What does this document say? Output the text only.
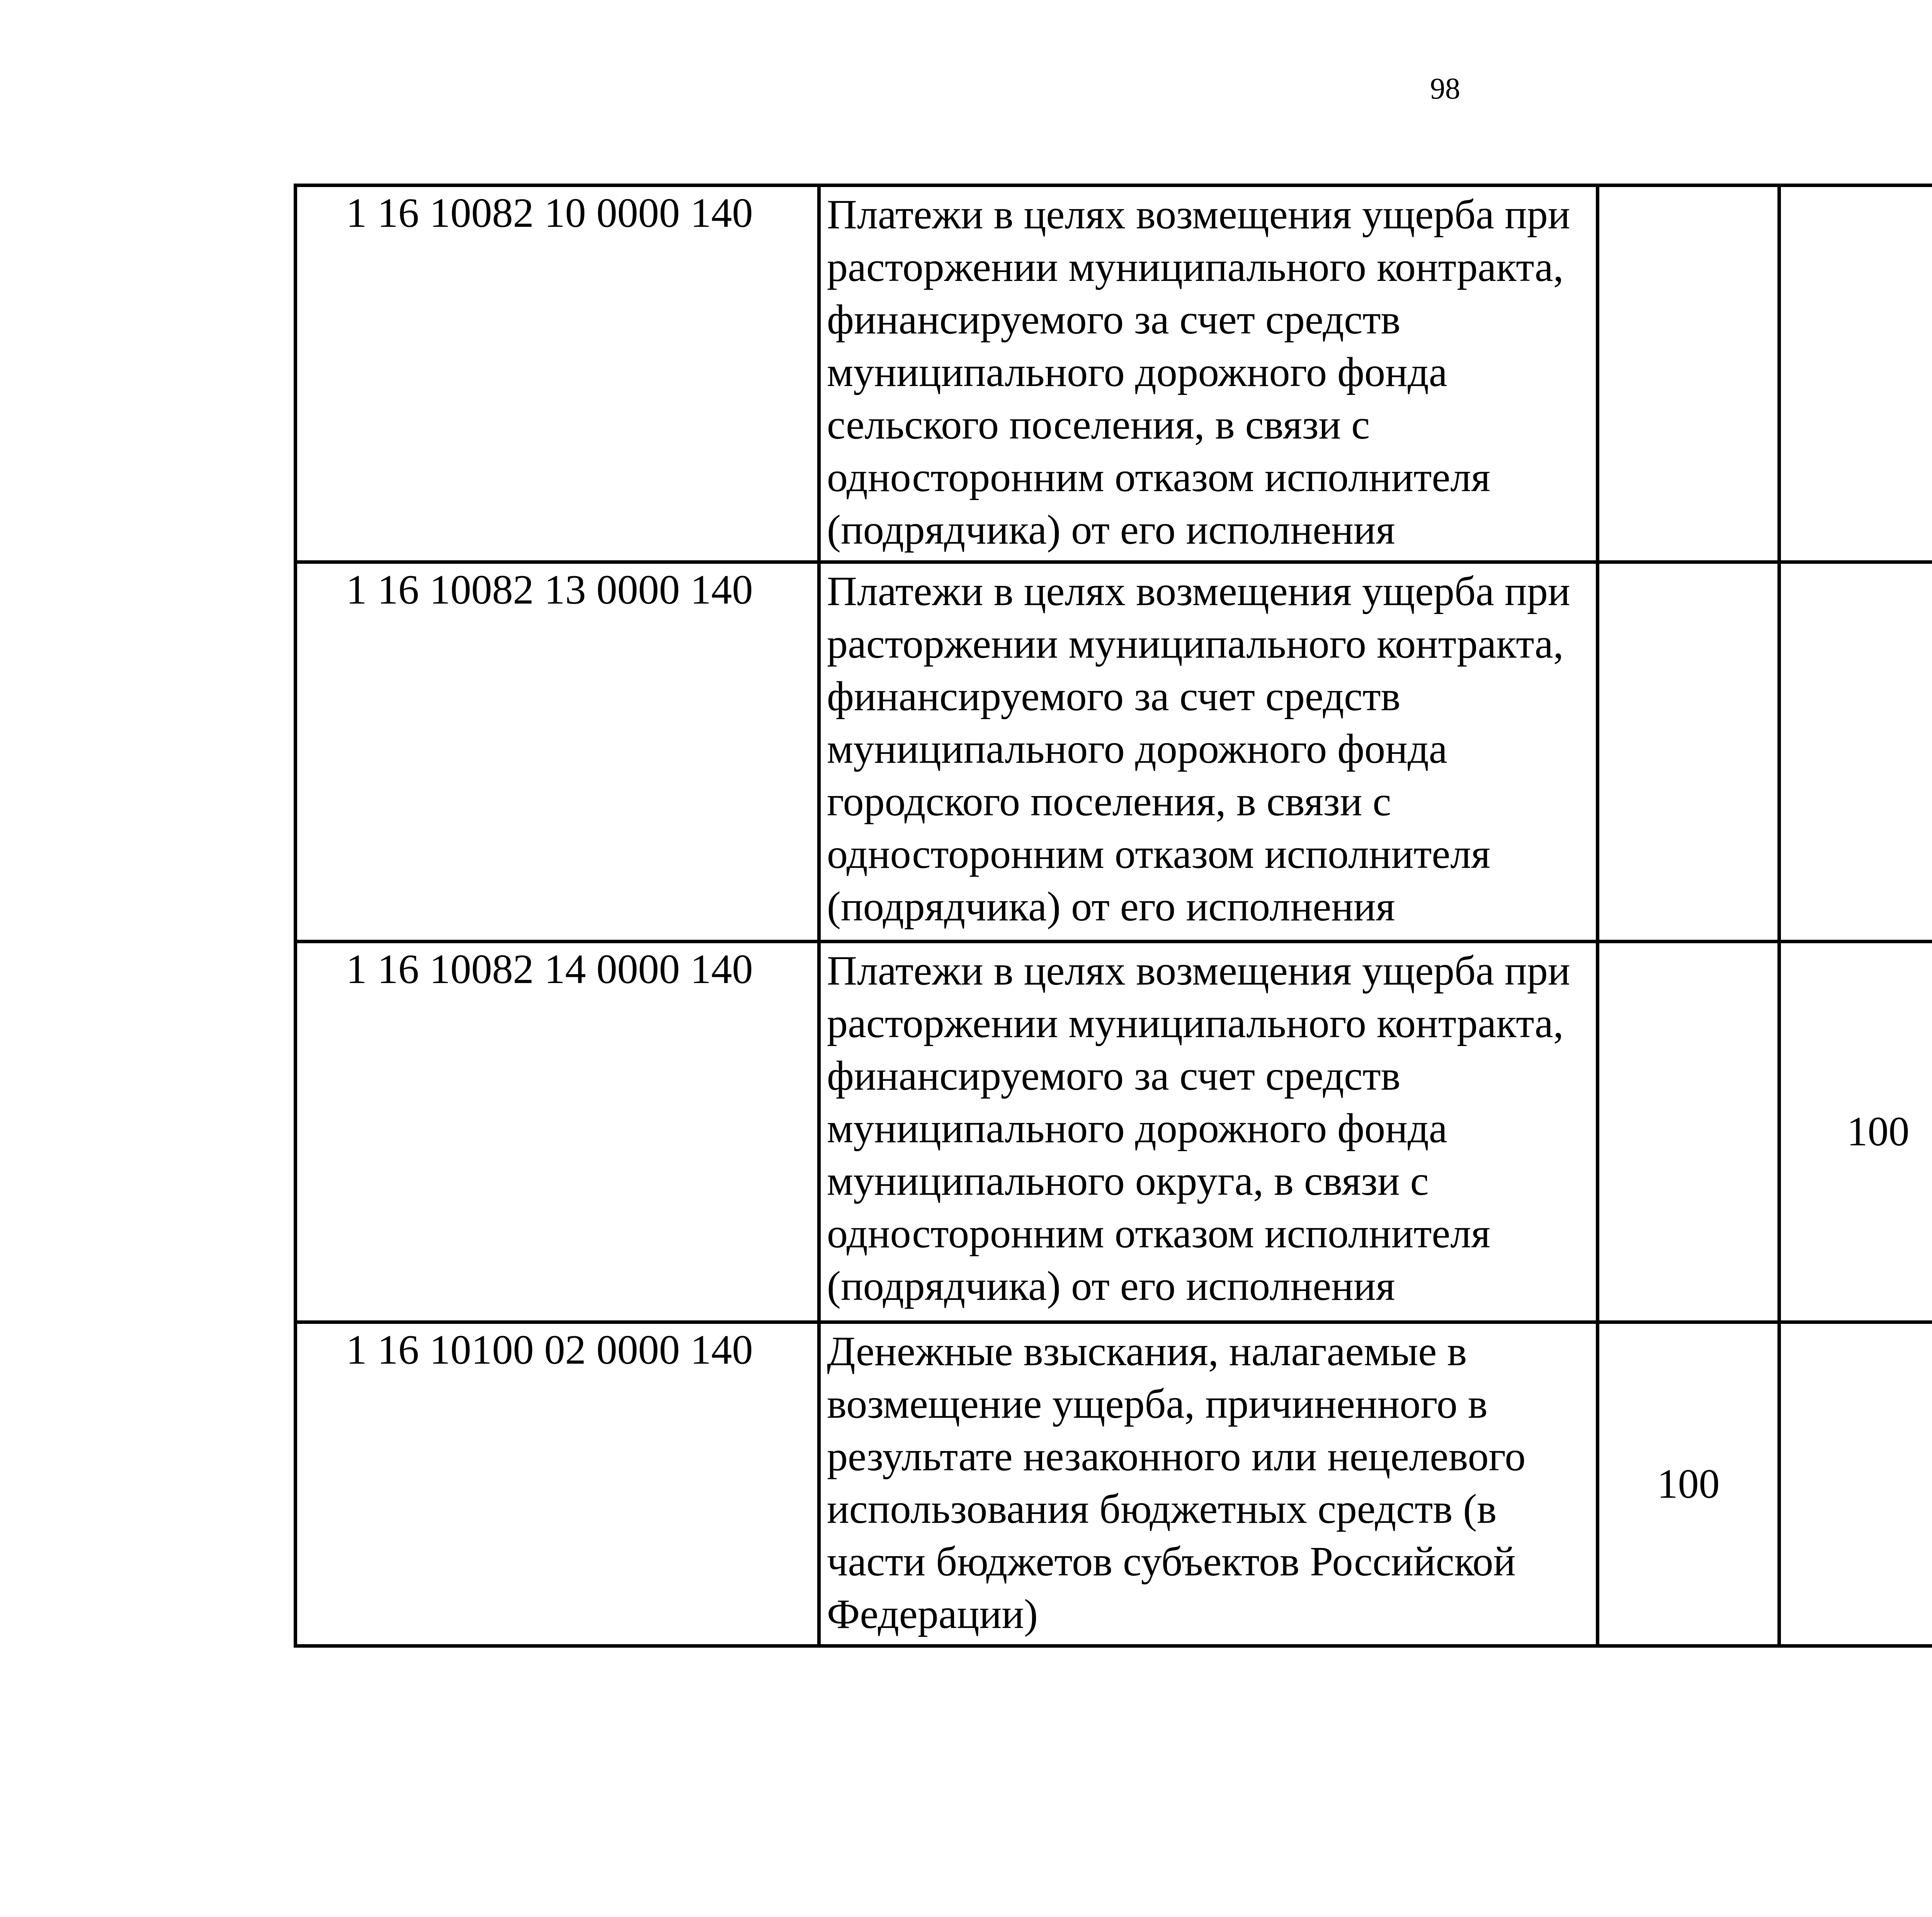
98
1 16 10082 10 0000 140	Платежи в целях возмещения ущерба при расторжении муниципального контракта, финансируемого за счет средств муниципального дорожного фонда сельского поселения, в связи с односторонним отказом исполнителя (подрядчика) от его исполнения					
1 16 10082 13 0000 140	Платежи в целях возмещения ущерба при расторжении муниципального контракта, финансируемого за счет средств муниципального дорожного фонда городского поселения, в связи с односторонним отказом исполнителя (подрядчика) от его исполнения					
1 16 10082 14 0000 140	Платежи в целях возмещения ущерба при расторжении муниципального контракта, финансируемого за счет средств муниципального дорожного фонда муниципального округа, в связи с односторонним отказом исполнителя (подрядчика) от его исполнения		100			
1 16 10100 02 0000 140	Денежные взыскания, налагаемые в возмещение ущерба, причиненного в результате незаконного или нецелевого использования бюджетных средств (в части бюджетов субъектов Российской Федерации)	100				
